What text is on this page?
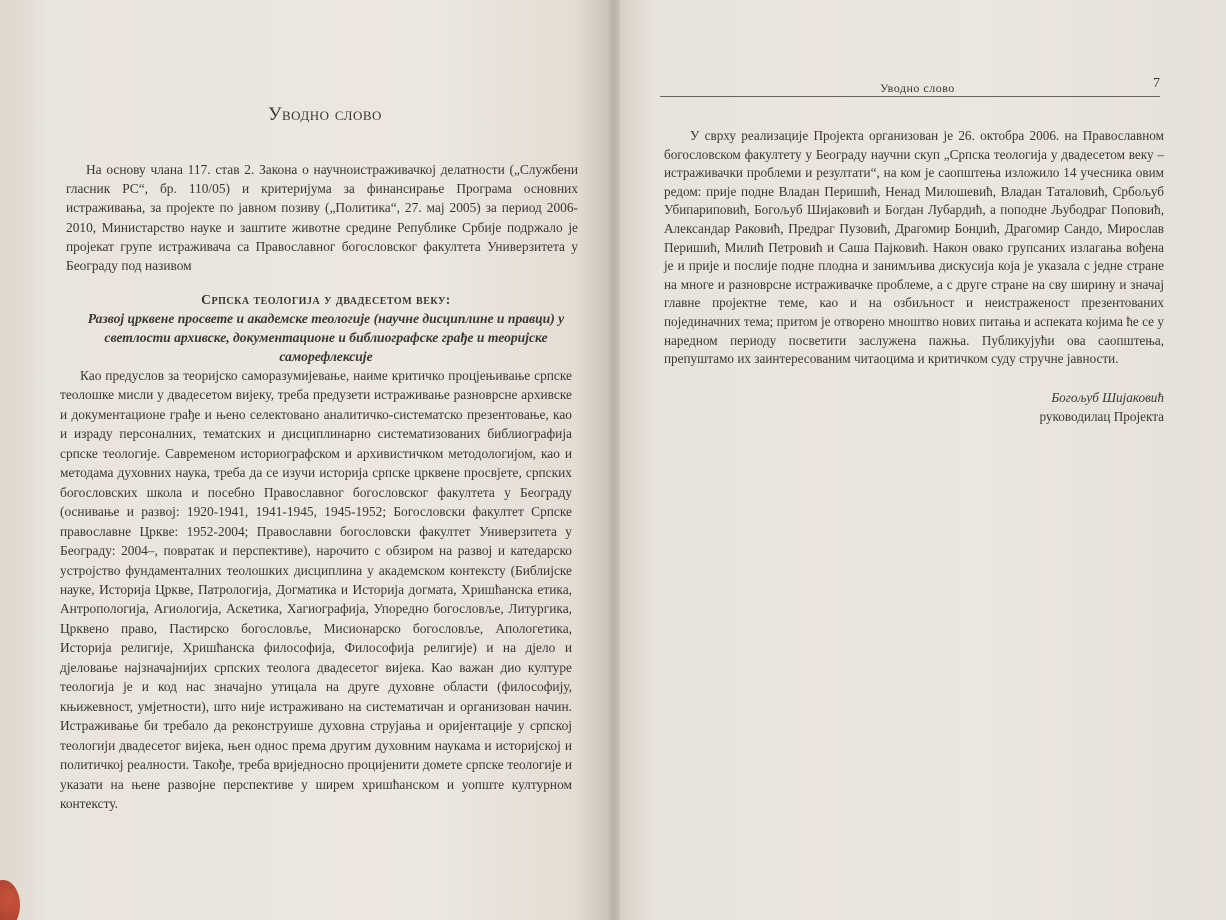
Уводно слово

На основу члана 117. став 2. Закона о научноистраживачкој делатности („Службени гласник РС“, бр. 110/05) и критеријума за финансирање Програма основних истраживања, за пројекте по јавном позиву („Политика“, 27. мај 2005) за период 2006-2010, Министарство науке и заштите животне средине Републике Србије подржало је пројекат групе истраживача са Православног богословског факултета Универзитета у Београду под називом

Српска теологија у двадесетом веку:
Развој црквене просвете и академске теологије (научне дисциплине и правци) у светлости архивске, документационе и библиографске грађе и теоријске саморефлексије

Као предуслов за теоријско саморазумијевање, наиме критичко процјењивање српске теолошке мисли у двадесетом вијеку, треба предузети истраживање разноврсне архивске и документационе грађе и њено селектовано аналитичко-систематско презентовање, као и израду персоналних, тематских и дисциплинарно систематизованих библиографија српске теологије. Савременом историографском и архивистичком методологијом, као и методама духовних наука, треба да се изучи историја српске црквене просвјете, српских богословских школа и посебно Православног богословског факултета у Београду (оснивање и развој: 1920-1941, 1941-1945, 1945-1952; Богословски факултет Српске православне Цркве: 1952-2004; Православни богословски факултет Универзитета у Београду: 2004–, повратак и перспективе), нарочито с обзиром на развој и катедарско устројство фундаменталних теолошких дисциплина у академском контексту (Библијске науке, Историја Цркве, Патрологија, Догматика и Историја догмата, Хришћанска етика, Антропологија, Агиологија, Аскетика, Хагиографија, Упоредно богословље, Литургика, Црквено право, Пастирско богословље, Мисионарско богословље, Апологетика, Историја религије, Хришћанска философија, Философија религије) и на дјело и дјеловање најзначајнијих српских теолога двадесетог вијека. Као важан дио културе теологија је и код нас значајно утицала на друге духовне области (философију, књижевност, умјетности), што није истраживано на систематичан и организован начин. Истраживање би требало да реконструише духовна струјања и оријентације у српској теологији двадесетог вијека, њен однос према другим духовним наукама и историјској и политичкој реалности. Такође, треба вриједносно процијенити домете српске теологије и указати на њене развојне перспективе у ширем хришћанском и уопште културном контексту.

Уводно слово	7

У сврху реализације Пројекта организован је 26. октобра 2006. на Православном богословском факултету у Београду научни скуп „Српска теологија у двадесетом веку – истраживачки проблеми и резултати“, на ком је саопштења изложило 14 учесника овим редом: прије подне Владан Перишић, Ненад Милошевић, Владан Таталовић, Србољуб Убипариповић, Богољуб Шијаковић и Богдан Лубардић, а поподне Љубодраг Поповић, Александар Раковић, Предраг Пузовић, Драгомир Бонџић, Драгомир Сандо, Мирослав Перишић, Милић Петровић и Саша Пајковић. Након овако групсаних излагања вођена је и прије и послије подне плодна и занимљива дискусија која је указала с једне стране на многе и разноврсне истраживачке проблеме, а с друге стране на сву ширину и значај главне пројектне теме, као и на озбиљност и неистражeност презентованих појединачних тема; притом је отворено мноштво нових питања и аспеката којима ће се у наредном периоду посветити заслужена пажња. Публикујући ова саопштења, препуштамо их заинтересованим читаоцима и критичком суду стручне јавности.

Богољуб Шијаковић
руководилац Пројекта
